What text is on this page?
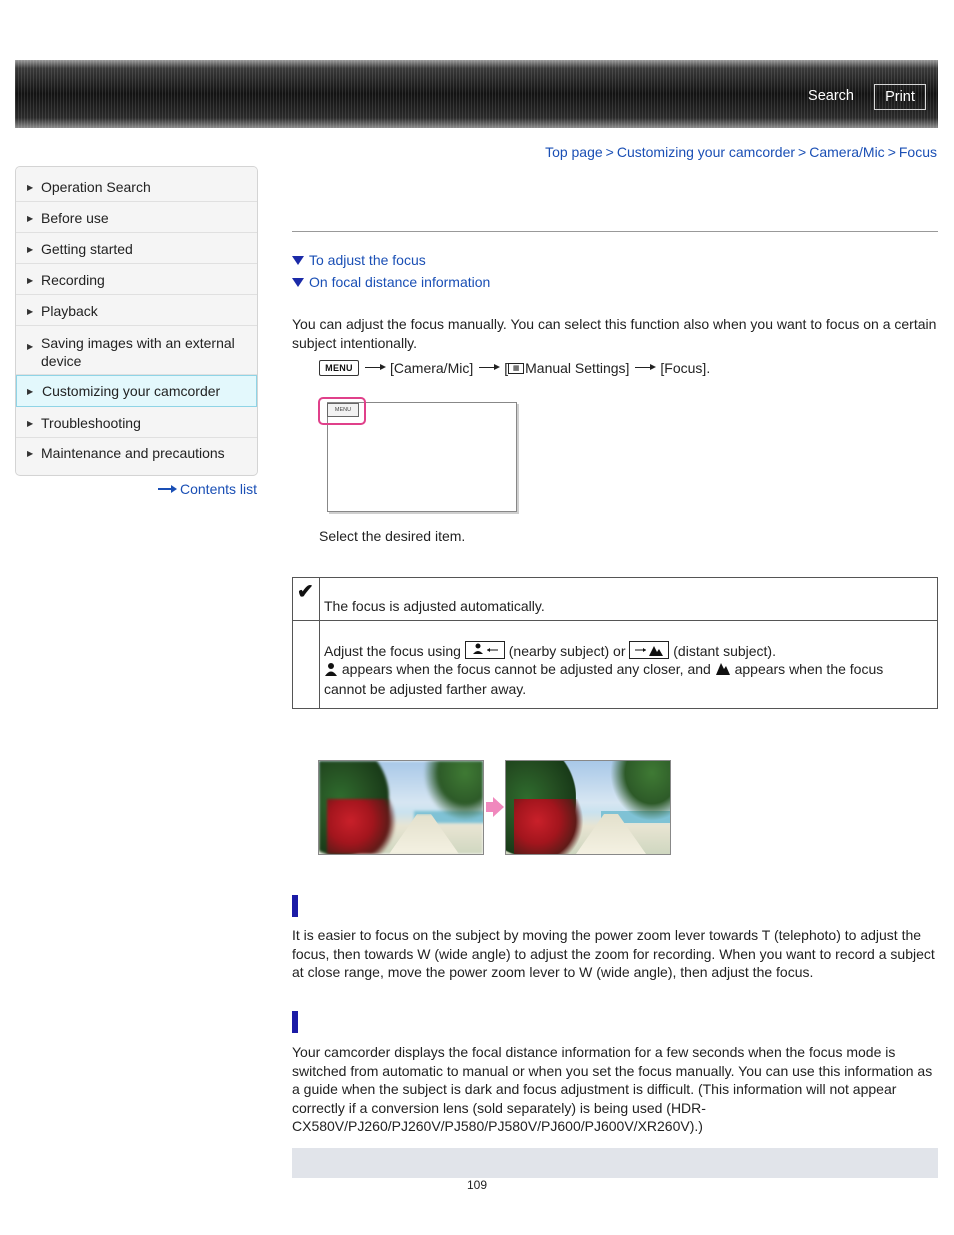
Search	Print
Top page > Customizing your camcorder > Camera/Mic > Focus
▶ Operation Search
▶ Before use
▶ Getting started
▶ Recording
▶ Playback
▶ Saving images with an external device
▶ Customizing your camcorder
▶ Troubleshooting
▶ Maintenance and precautions
Contents list
To adjust the focus
On focal distance information
You can adjust the focus manually. You can select this function also when you want to focus on a certain subject intentionally.
MENU	[Camera/Mic] [ ▦ Manual Settings] [Focus].
MENU
Select the desired item.
✔	The focus is adjusted automatically.
	Adjust the focus using (nearby subject) or (distant subject).
appears when the focus cannot be adjusted any closer, and appears when the focus cannot be adjusted farther away.
It is easier to focus on the subject by moving the power zoom lever towards T (telephoto) to adjust the focus, then towards W (wide angle) to adjust the zoom for recording. When you want to record a subject at close range, move the power zoom lever to W (wide angle), then adjust the focus.
Your camcorder displays the focal distance information for a few seconds when the focus mode is switched from automatic to manual or when you set the focus manually. You can use this information as a guide when the subject is dark and focus adjustment is difficult. (This information will not appear correctly if a conversion lens (sold separately) is being used (HDR-CX580V/PJ260/PJ260V/PJ580/PJ580V/PJ600/PJ600V/XR260V).)
109
